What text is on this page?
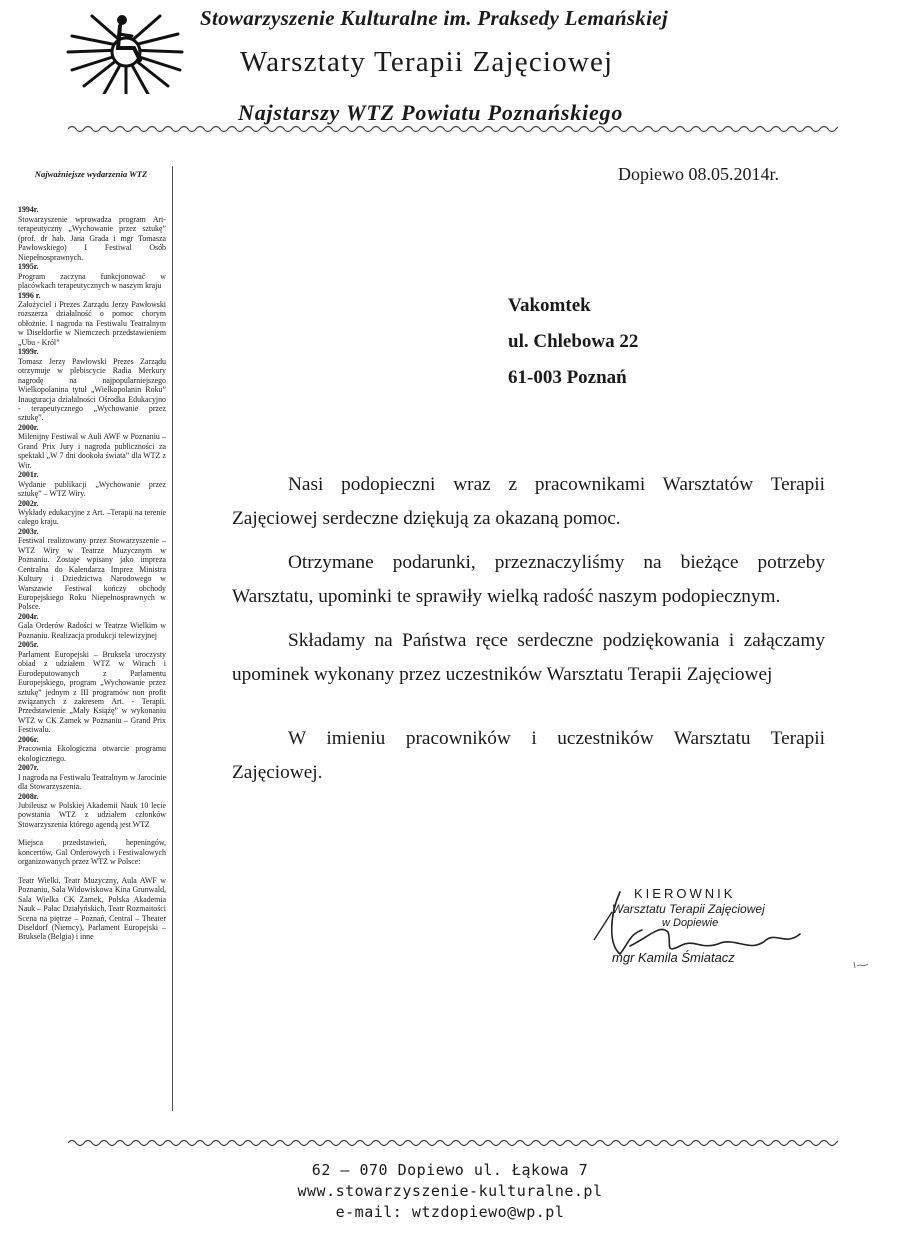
Stowarzyszenie Kulturalne im. Praksedy Lemańskiej
Warsztaty Terapii Zajęciowej
Najstarszy WTZ Powiatu Poznańskiego
Najważniejsze wydarzenia WTZ
1994r.

Stowarzyszenie wprowadza program Art-terapeutyczny „Wychowanie przez sztukę” (prof. dr hab. Jana Grada i mgr Tomasza Pawłowskiego) I Festiwal Osób Niepełnosprawnych.

1995r.

Program zaczyna funkcjonować w placówkach terapeutycznych w naszym kraju

1996 r.

Założyciel i Prezes Zarządu Jerzy Pawłowski rozszerza działalność o pomoc chorym obłożnie. I nagroda na Festiwalu Teatralnym w Diseldorfie w Niemczech przedstawieniem „Ubu - Król”

1999r.

Tomasz Jerzy Pawłowski Prezes Zarządu otrzymuje w plebiscycie Radia Merkury nagrodę na najpopularniejszego Wielkopolanina tytuł „Wielkopolanin Roku” Inauguracja działalności Ośrodka Edukacyjno - terapeutycznego „Wychowanie przez sztukę”.

2000r.

Milenijny Festiwal w Auli AWF w Poznaniu – Grand Prix Jury i nagroda publiczności za spektakl „W 7 dni dookoła świata” dla WTZ z Wir.

2001r.

Wydanie publikacji „Wychowanie przez sztukę” – WTZ Wiry.

2002r.

Wykłady edukacyjne z Art. –Terapii na terenie całego kraju.

2003r.

Festiwal realizowany przez Stowarzyszenie – WTZ Wiry w Teatrze Muzycznym w Poznaniu. Zostaje wpisany jako impreza Centralna do Kalendarza Imprez Ministra Kultury i Dziedzictwa Narodowego w Warszawie Festiwal kończy obchody Europejskiego Roku Niepełnosprawnych w Polsce.

2004r.

Gala Orderów Radości w Teatrze Wielkim w Poznaniu. Realizacja produkcji telewizyjnej

2005r.

Parlament Europejski – Bruksela uroczysty obiad z udziałem WTZ w Wirach i Eurodeputowanych z Parlamentu Europejskiego, program „Wychowanie przez sztukę” jednym z III programów non profit związanych z zakresem Art. - Terapii. Przedstawienie „Mały Książę” w wykonaniu WTZ w CK Zamek w Poznaniu – Grand Prix Festiwalu.

2006r.

Pracownia Ekologiczna otwarcie programu ekologicznego.

2007r.

I nagroda na Festiwalu Teatralnym w Jarocinie dla Stowarzyszenia.

2008r.

Jubileusz w Polskiej Akademii Nauk 10 lecie powstania WTZ z udziałem członków Stowarzyszenia którego agendą jest WTZ

Miejsca przedstawień, hepeningów, koncertów, Gal Orderowych i Festiwalowych organizowanych przez WTZ w Polsce:

Teatr Wielki, Teatr Muzyczny, Aula AWF w Poznaniu, Sala Widowiskowa Kina Grunwald, Sala Wielka CK Zamek, Polska Akademia Nauk – Pałac Działyńskich, Teatr Rozmaitości Scena na piętrze – Poznań, Central – Theater Diseldorf (Niemcy), Parlament Europejski – Bruksela (Belgia) i inne

Dopiewo 08.05.2014r.
Vakomtek
ul. Chlebowa 22
61-003 Poznań

Nasi podopieczni wraz z pracownikami Warsztatów Terapii Zajęciowej serdeczne dziękują za okazaną pomoc.

Otrzymane podarunki, przeznaczyliśmy na bieżące potrzeby Warsztatu, upominki te sprawiły wielką radość naszym podopiecznym.

Składamy na Państwa ręce serdeczne podziękowania i załączamy upominek wykonany przez uczestników Warsztatu Terapii Zajęciowej

W imieniu pracowników i uczestników Warsztatu Terapii Zajęciowej.

KIEROWNIK
Warsztatu Terapii Zajęciowej
w Dopiewie
mgr Kamila Śmiatacz
62 – 070 Dopiewo ul. Łąkowa 7
www.stowarzyszenie-kulturalne.pl
e-mail: wtzdopiewo@wp.pl
